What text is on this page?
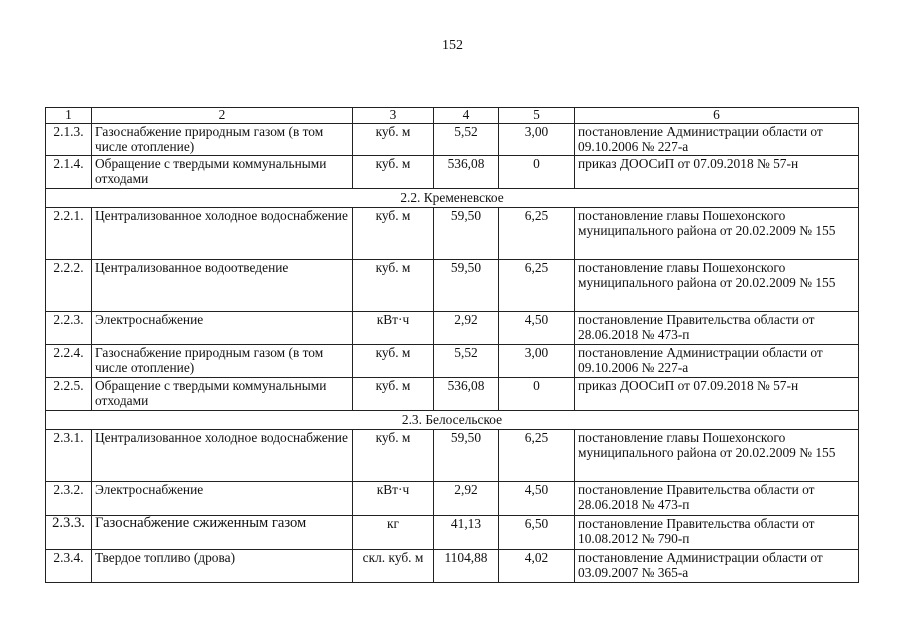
152
1	2	3	4	5	6
2.1.3.	Газоснабжение природным газом (в том числе отопление)	куб. м	5,52	3,00	постановление Администрации области от 09.10.2006 № 227-а
2.1.4.	Обращение с твердыми коммунальными отходами	куб. м	536,08	0	приказ ДООСиП от 07.09.2018 № 57-н
2.2. Кременевское					
2.2.1.	Централизованное холодное водоснабжение	куб. м	59,50	6,25	постановление главы Пошехонского муниципального района от 20.02.2009 № 155
2.2.2.	Централизованное водоотведение	куб. м	59,50	6,25	постановление главы Пошехонского муниципального района от 20.02.2009 № 155
2.2.3.	Электроснабжение	кВт·ч	2,92	4,50	постановление Правительства области от 28.06.2018 № 473-п
2.2.4.	Газоснабжение природным газом (в том числе отопление)	куб. м	5,52	3,00	постановление Администрации области от 09.10.2006 № 227-а
2.2.5.	Обращение с твердыми коммунальными отходами	куб. м	536,08	0	приказ ДООСиП от 07.09.2018 № 57-н
2.3. Белосельское					
2.3.1.	Централизованное холодное водоснабжение	куб. м	59,50	6,25	постановление главы Пошехонского муниципального района от 20.02.2009 № 155
2.3.2.	Электроснабжение	кВт·ч	2,92	4,50	постановление Правительства области от 28.06.2018 № 473-п
2.3.3.	Газоснабжение сжиженным газом	кг	41,13	6,50	постановление Правительства области от 10.08.2012 № 790-п
2.3.4.	Твердое топливо (дрова)	скл. куб. м	1104,88	4,02	постановление Администрации области от 03.09.2007 № 365-а
